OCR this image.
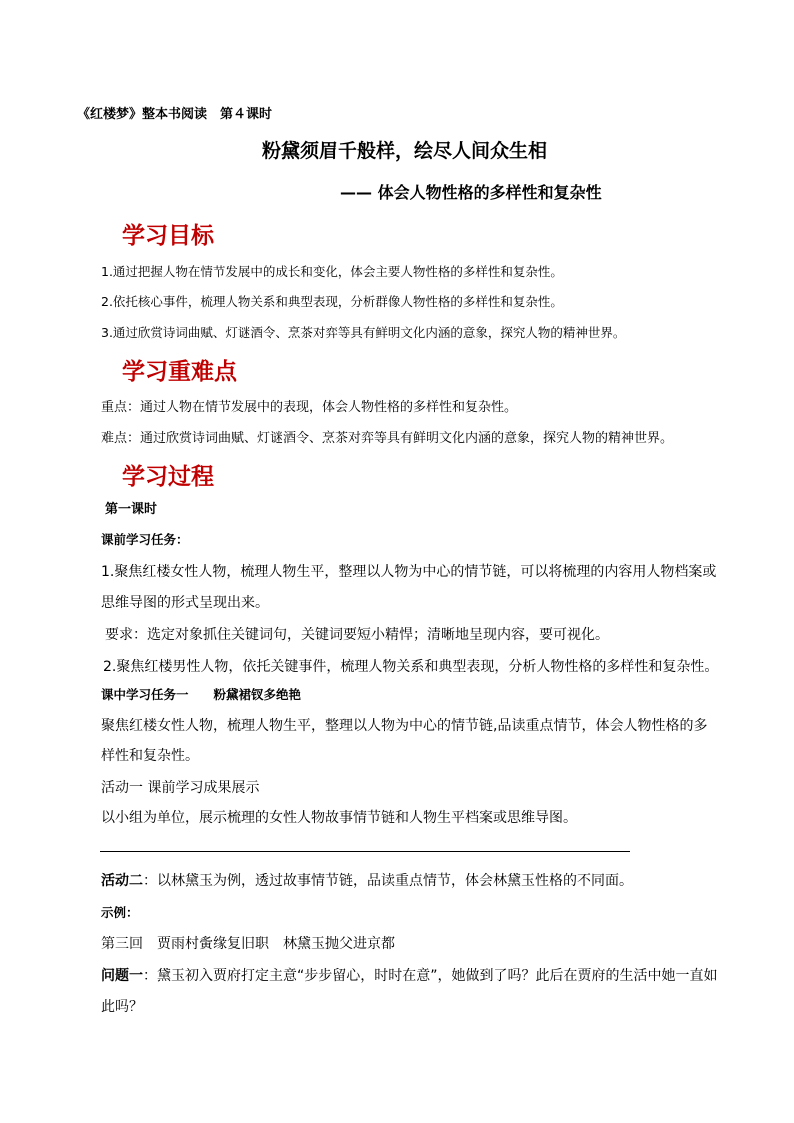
《红楼梦》整本书阅读　第４课时
粉黛须眉千般样，绘尽人间众生相
—— 体会人物性格的多样性和复杂性
学习目标
1.通过把握人物在情节发展中的成长和变化，体会主要人物性格的多样性和复杂性。
2.依托核心事件，梳理人物关系和典型表现，分析群像人物性格的多样性和复杂性。
3.通过欣赏诗词曲赋、灯谜酒令、烹茶对弈等具有鲜明文化内涵的意象，探究人物的精神世界。
学习重难点
重点：通过人物在情节发展中的表现，体会人物性格的多样性和复杂性。
难点：通过欣赏诗词曲赋、灯谜酒令、烹茶对弈等具有鲜明文化内涵的意象，探究人物的精神世界。
学习过程
第一课时
课前学习任务：
1.聚焦红楼女性人物，梳理人物生平，整理以人物为中心的情节链，可以将梳理的内容用人物档案或
思维导图的形式呈现出来。
要求：选定对象抓住关键词句，关键词要短小精悍；清晰地呈现内容，要可视化。
2.聚焦红楼男性人物，依托关键事件，梳理人物关系和典型表现，分析人物性格的多样性和复杂性。
课中学习任务一　　粉黛裙钗多绝艳
聚焦红楼女性人物，梳理人物生平，整理以人物为中心的情节链,品读重点情节，体会人物性格的多
样性和复杂性。
活动一 课前学习成果展示
以小组为单位，展示梳理的女性人物故事情节链和人物生平档案或思维导图。
活动二：以林黛玉为例，透过故事情节链，品读重点情节，体会林黛玉性格的不同面。
示例：
第三回　贾雨村夤缘复旧职　林黛玉抛父进京都
问题一：黛玉初入贾府打定主意“步步留心，时时在意”，她做到了吗？此后在贾府的生活中她一直如
此吗？
